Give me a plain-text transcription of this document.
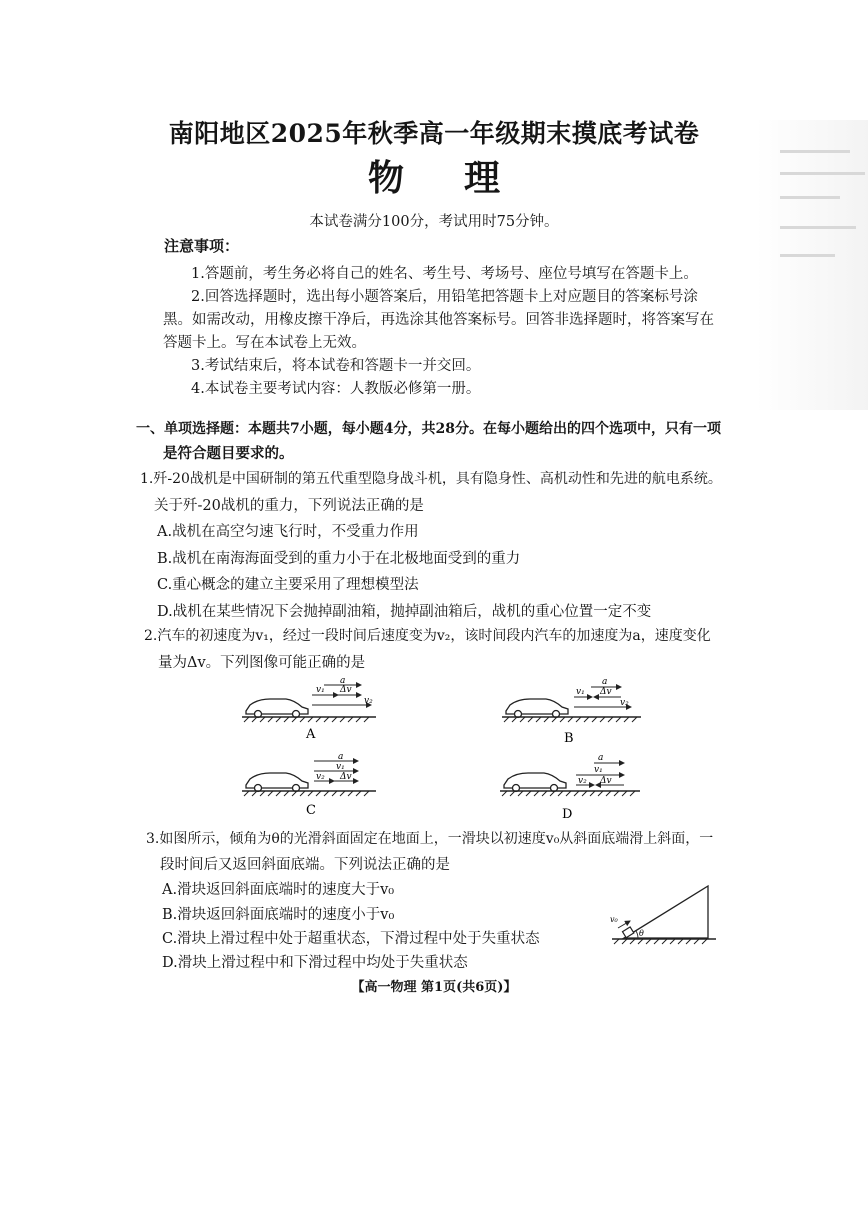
南阳地区2025年秋季高一年级期末摸底考试卷
物理
本试卷满分100分，考试用时75分钟。
注意事项：
1.答题前，考生务必将自己的姓名、考生号、考场号、座位号填写在答题卡上。
2.回答选择题时，选出每小题答案后，用铅笔把答题卡上对应题目的答案标号涂
黑。如需改动，用橡皮擦干净后，再选涂其他答案标号。回答非选择题时，将答案写在
答题卡上。写在本试卷上无效。
3.考试结束后，将本试卷和答题卡一并交回。
4.本试卷主要考试内容：人教版必修第一册。
一、单项选择题：本题共7小题，每小题4分，共28分。在每小题给出的四个选项中，只有一项
是符合题目要求的。
1.歼-20战机是中国研制的第五代重型隐身战斗机，具有隐身性、高机动性和先进的航电系统。
关于歼-20战机的重力，下列说法正确的是
A.战机在高空匀速飞行时，不受重力作用
B.战机在南海海面受到的重力小于在北极地面受到的重力
C.重心概念的建立主要采用了理想模型法
D.战机在某些情况下会抛掉副油箱，抛掉副油箱后，战机的重心位置一定不变
2.汽车的初速度为v₁，经过一段时间后速度变为v₂，该时间段内汽车的加速度为a，速度变化
量为Δv。下列图像可能正确的是
a
v₁ Δv
v₂
A
a
v₁ Δv
v₂
B
a
v₁
v₂ Δv
C
a
v₁
v₂ Δv
D
3.如图所示，倾角为θ的光滑斜面固定在地面上，一滑块以初速度v₀从斜面底端滑上斜面，一
段时间后又返回斜面底端。下列说法正确的是
A.滑块返回斜面底端时的速度大于v₀
B.滑块返回斜面底端时的速度小于v₀
C.滑块上滑过程中处于超重状态，下滑过程中处于失重状态
D.滑块上滑过程中和下滑过程中均处于失重状态
v₀
θ
【高一物理 第1页(共6页)】
